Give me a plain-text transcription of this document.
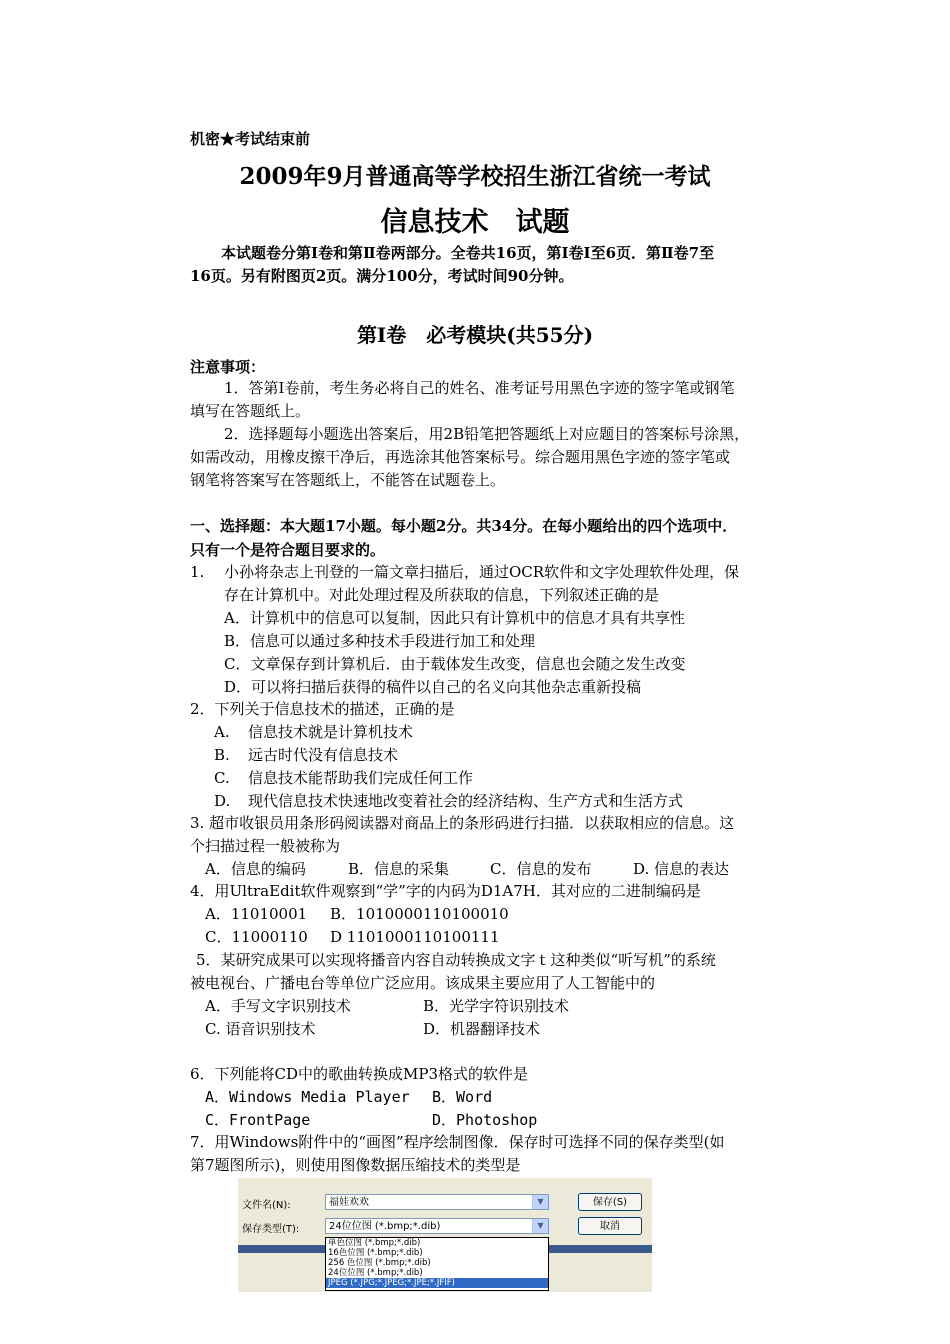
机密★考试结束前
2009年9月普通高等学校招生浙江省统一考试
信息技术　试题
本试题卷分第Ⅰ卷和第Ⅱ卷两部分。全卷共16页，第Ⅰ卷Ⅰ至6页．第Ⅱ卷7至
16页。另有附图页2页。满分100分，考试时间90分钟。
第Ⅰ卷　必考模块(共55分)
注意事项：
1．答第Ⅰ卷前，考生务必将自己的姓名、准考证号用黑色字迹的签字笔或钢笔
填写在答题纸上。
2．选择题每小题选出答案后，用2B铅笔把答题纸上对应题目的答案标号涂黑，
如需改动，用橡皮擦干净后，再选涂其他答案标号。综合题用黑色字迹的签字笔或
钢笔将答案写在答题纸上，不能答在试题卷上。
一、选择题：本大题17小题。每小题2分。共34分。在每小题给出的四个选项中．
只有一个是符合题目要求的。
1. 小孙将杂志上刊登的一篇文章扫描后，通过OCR软件和文字处理软件处理，保
存在计算机中。对此处理过程及所获取的信息，下列叙述正确的是
A．计算机中的信息可以复制，因此只有计算机中的信息才具有共享性
B．信息可以通过多种技术手段进行加工和处理
C．文章保存到计算机后．由于载体发生改变，信息也会随之发生改变
D．可以将扫描后获得的稿件以自己的名义向其他杂志重新投稿
2．下列关于信息技术的描述，正确的是
A. 信息技术就是计算机技术
B. 远古时代没有信息技术
C. 信息技术能帮助我们完成任何工作
D. 现代信息技术快速地改变着社会的经济结构、生产方式和生活方式
3. 超市收银员用条形码阅读器对商品上的条形码进行扫描．以获取相应的信息。这
个扫描过程一般被称为
A．信息的编码	B．信息的采集	C．信息的发布	D. 信息的表达
4．用UltraEdit软件观察到“学”字的内码为D1A7H．其对应的二进制编码是
A．11010001 B．1010000110100010
C．11000110 D 1101000110100111
5．某研究成果可以实现将播音内容自动转换成文字ｔ这种类似“听写机”的系统
被电视台、广播电台等单位广泛应用。该成果主要应用了人工智能中的
A．手写文字识别技术	B．光学字符识别技术
C. 语音识别技术	D．机器翻译技术
6．下列能将CD中的歌曲转换成MP3格式的软件是
A．Windows Media Player B．Word
C．FrontPage	D．Photoshop
7．用Windows附件中的“画图”程序绘制图像．保存时可选择不同的保存类型(如
第7题图所示)，则使用图像数据压缩技术的类型是
文件名(N):	福娃欢欢	▼
保存类型(T):	24位位图 (*.bmp;*.dib)	▼
保存(S)
取消
单色位图 (*.bmp;*.dib)
16色位图 (*.bmp;*.dib)
256 色位图 (*.bmp;*.dib)
24位位图 (*.bmp;*.dib)
JPEG (*.JPG;*.JPEG;*.JPE;*.JFIF)
